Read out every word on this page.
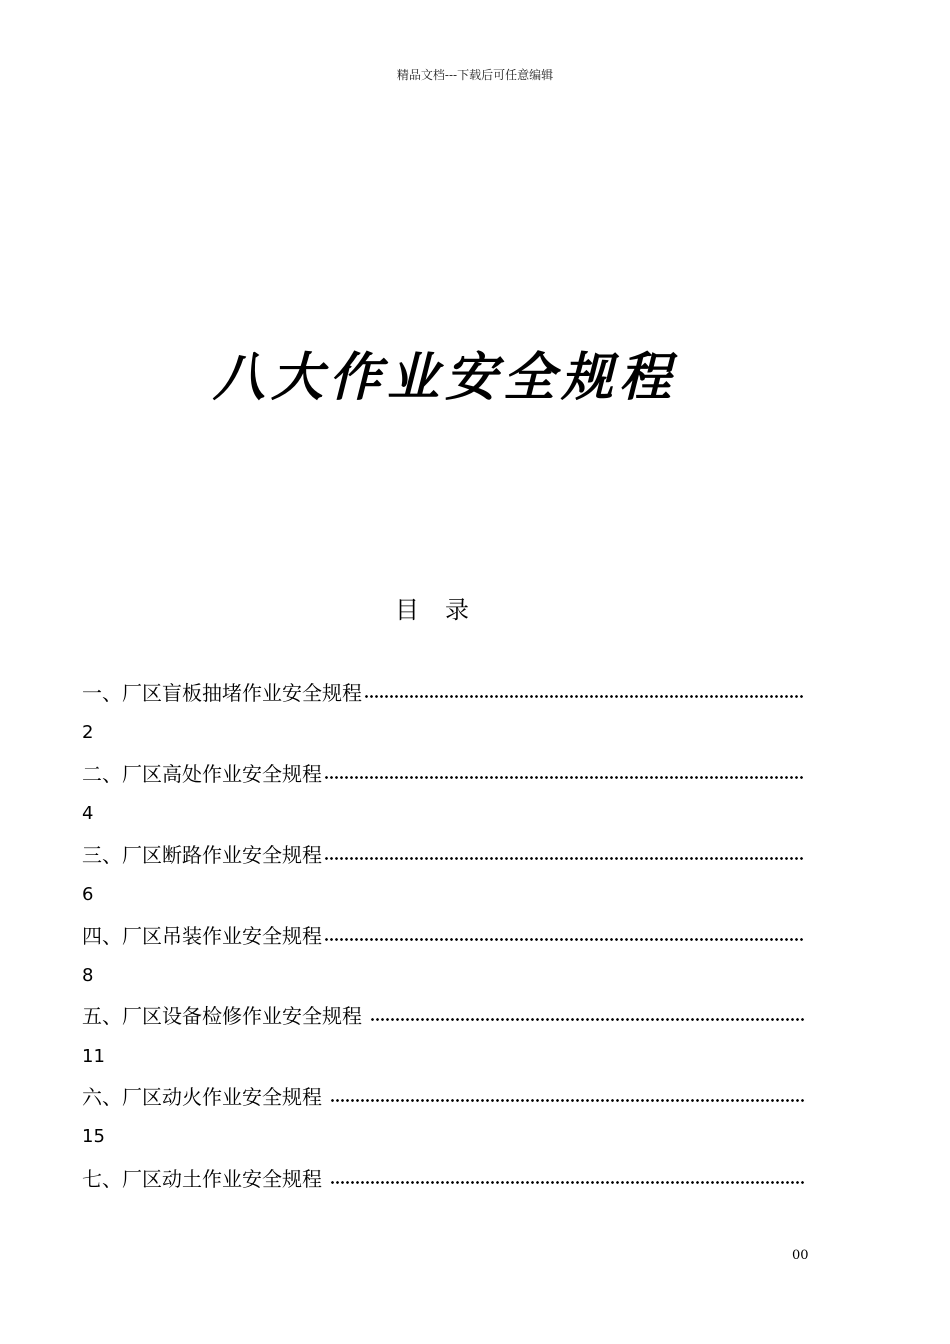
精品文档---下载后可任意编辑
八大作业安全规程
目录
一、厂区盲板抽堵作业安全规程
2
二、厂区高处作业安全规程
4
三、厂区断路作业安全规程
6
四、厂区吊装作业安全规程
8
五、厂区设备检修作业安全规程
11
六、厂区动火作业安全规程
15
七、厂区动土作业安全规程
00
